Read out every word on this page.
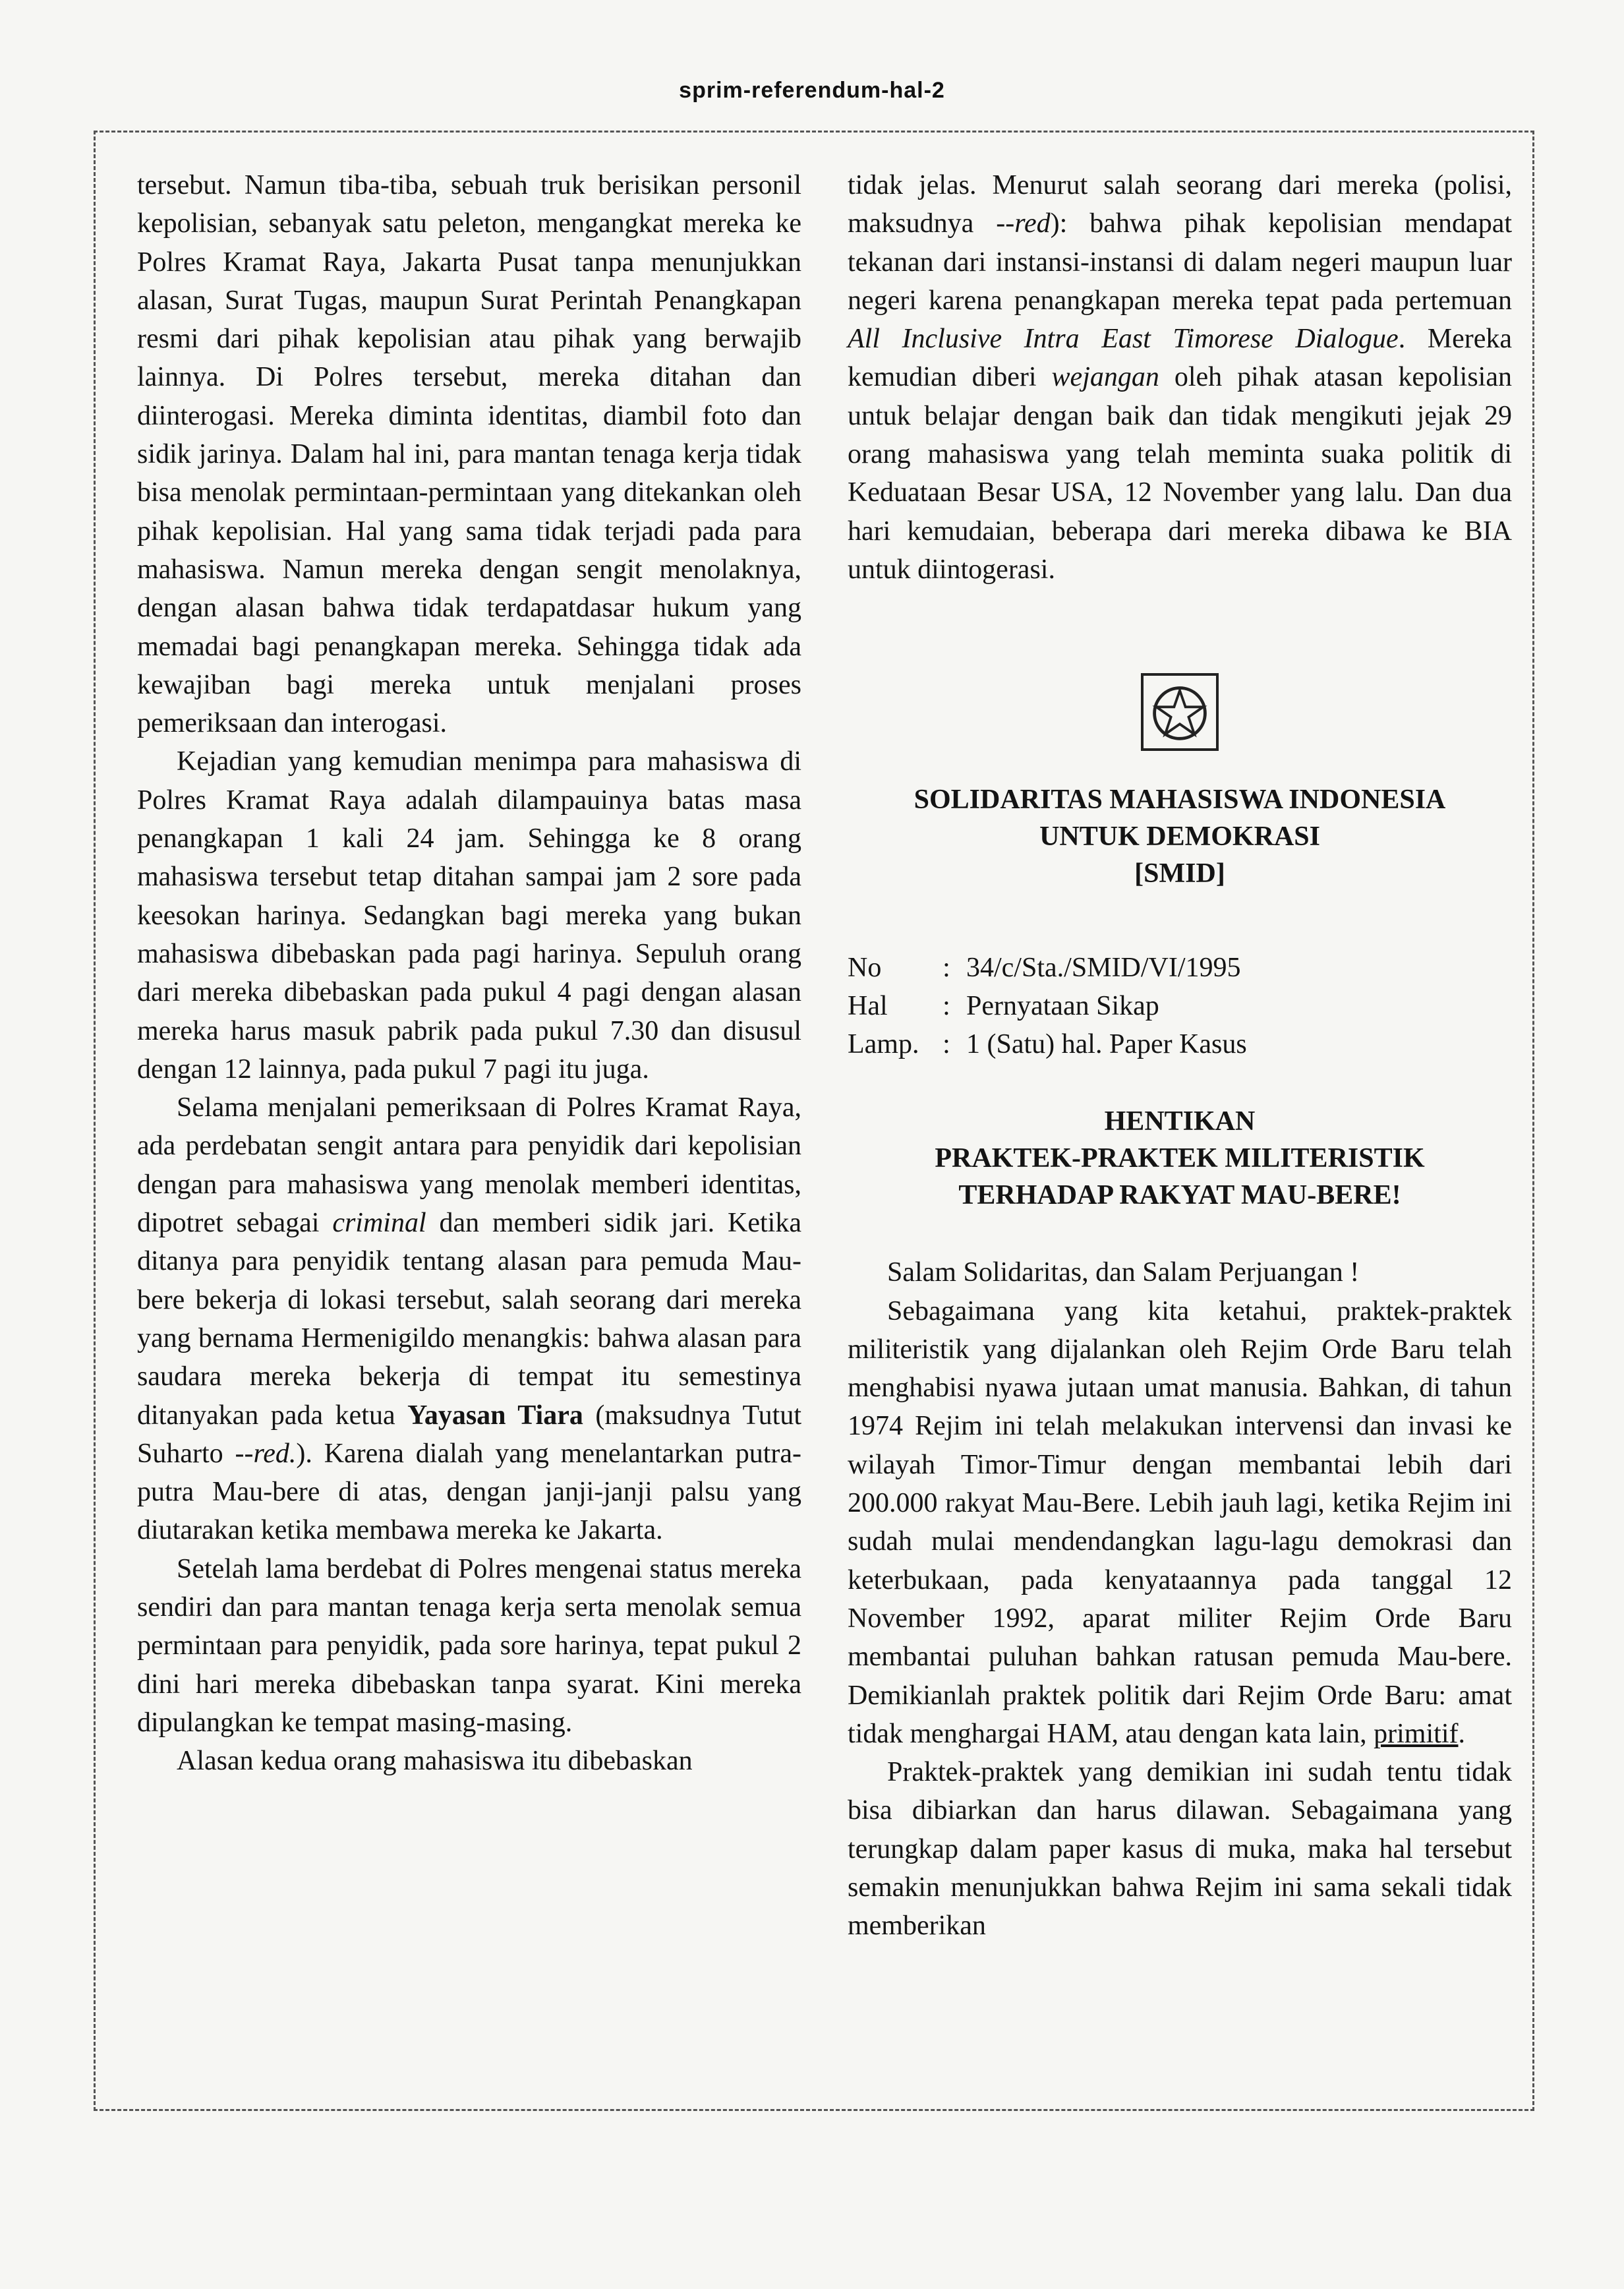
sprim-referendum-hal-2

tersebut. Namun tiba-tiba, sebuah truk berisikan personil kepolisian, sebanyak satu peleton, mengangkat mereka ke Polres Kramat Raya, Jakarta Pusat tanpa menunjukkan alasan, Surat Tugas, maupun Surat Perintah Penangkapan resmi dari pihak kepolisian atau pihak yang berwajib lainnya. Di Polres tersebut, mereka ditahan dan diinterogasi. Mereka diminta identitas, diambil foto dan sidik jarinya. Dalam hal ini, para mantan tenaga kerja tidak bisa menolak permintaan-permintaan yang ditekankan oleh pihak kepolisian. Hal yang sama tidak terjadi pada para mahasiswa. Namun mereka dengan sengit menolaknya, dengan alasan bahwa tidak terdapatdasar hukum yang memadai bagi penangkapan mereka. Sehingga tidak ada kewajiban bagi mereka untuk menjalani proses pemeriksaan dan interogasi.

Kejadian yang kemudian menimpa para mahasiswa di Polres Kramat Raya adalah dilampauinya batas masa penangkapan 1 kali 24 jam. Sehingga ke 8 orang mahasiswa tersebut tetap ditahan sampai jam 2 sore pada keesokan harinya. Sedangkan bagi mereka yang bukan mahasiswa dibebaskan pada pagi harinya. Sepuluh orang dari mereka dibebaskan pada pukul 4 pagi dengan alasan mereka harus masuk pabrik pada pukul 7.30 dan disusul dengan 12 lainnya, pada pukul 7 pagi itu juga.

Selama menjalani pemeriksaan di Polres Kramat Raya, ada perdebatan sengit antara para penyidik dari kepolisian dengan para mahasiswa yang menolak memberi identitas, dipotret sebagai criminal dan memberi sidik jari. Ketika ditanya para penyidik tentang alasan para pemuda Mau-bere bekerja di lokasi tersebut, salah seorang dari mereka yang bernama Hermenigildo menangkis: bahwa alasan para saudara mereka bekerja di tempat itu semestinya ditanyakan pada ketua Yayasan Tiara (maksudnya Tutut Suharto --red.). Karena dialah yang menelantarkan putra-putra Mau-bere di atas, dengan janji-janji palsu yang diutarakan ketika membawa mereka ke Jakarta.

Setelah lama berdebat di Polres mengenai status mereka sendiri dan para mantan tenaga kerja serta menolak semua permintaan para penyidik, pada sore harinya, tepat pukul 2 dini hari mereka dibebaskan tanpa syarat. Kini mereka dipulangkan ke tempat masing-masing.

Alasan kedua orang mahasiswa itu dibebaskan

tidak jelas. Menurut salah seorang dari mereka (polisi, maksudnya --red): bahwa pihak kepolisian mendapat tekanan dari instansi-instansi di dalam negeri maupun luar negeri karena penangkapan mereka tepat pada pertemuan All Inclusive Intra East Timorese Dialogue. Mereka kemudian diberi wejangan oleh pihak atasan kepolisian untuk belajar dengan baik dan tidak mengikuti jejak 29 orang mahasiswa yang telah meminta suaka politik di Keduataan Besar USA, 12 November yang lalu. Dan dua hari kemudaian, beberapa dari mereka dibawa ke BIA untuk diintogerasi.

SOLIDARITAS MAHASISWA INDONESIA

UNTUK DEMOKRASI

[SMID]

No	: 34/c/Sta./SMID/VI/1995
Hal	: Pernyataan Sikap
Lamp. : 1 (Satu) hal. Paper Kasus
HENTIKAN
PRAKTEK-PRAKTEK MILITERISTIK
TERHADAP RAKYAT MAU-BERE!

Salam Solidaritas, dan Salam Perjuangan !

Sebagaimana yang kita ketahui, praktek-praktek militeristik yang dijalankan oleh Rejim Orde Baru telah menghabisi nyawa jutaan umat manusia. Bahkan, di tahun 1974 Rejim ini telah melakukan intervensi dan invasi ke wilayah Timor-Timur dengan membantai lebih dari 200.000 rakyat Mau-Bere. Lebih jauh lagi, ketika Rejim ini sudah mulai mendendangkan lagu-lagu demokrasi dan keterbukaan, pada kenyataannya pada tanggal 12 November 1992, aparat militer Rejim Orde Baru membantai puluhan bahkan ratusan pemuda Mau-bere. Demikianlah praktek politik dari Rejim Orde Baru: amat tidak menghargai HAM, atau dengan kata lain, primitif.

Praktek-praktek yang demikian ini sudah tentu tidak bisa dibiarkan dan harus dilawan. Sebagaimana yang terungkap dalam paper kasus di muka, maka hal tersebut semakin menunjukkan bahwa Rejim ini sama sekali tidak memberikan
